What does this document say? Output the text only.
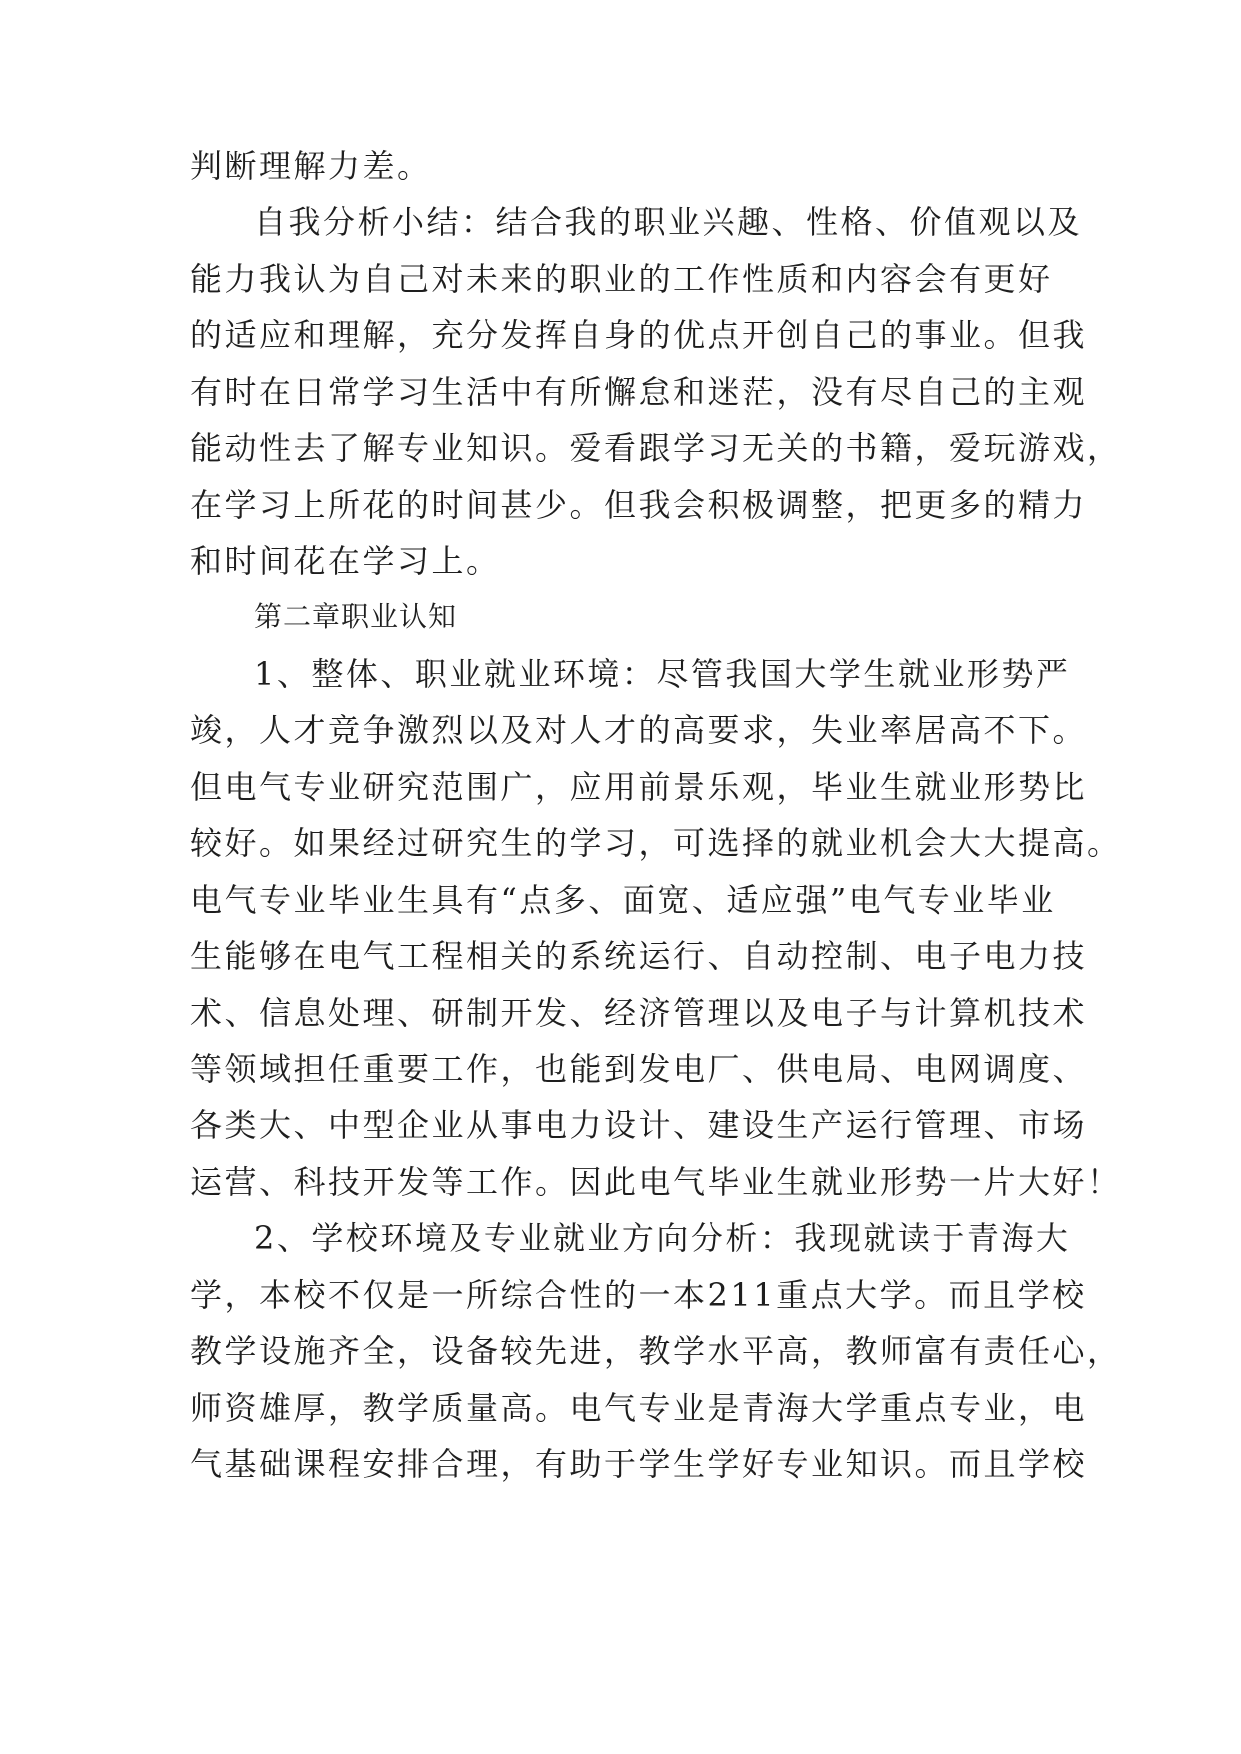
判断理解力差。
自我分析小结：结合我的职业兴趣、性格、价值观以及
能力我认为自己对未来的职业的工作性质和内容会有更好
的适应和理解，充分发挥自身的优点开创自己的事业。但我
有时在日常学习生活中有所懈怠和迷茫，没有尽自己的主观
能动性去了解专业知识。爱看跟学习无关的书籍，爱玩游戏，
在学习上所花的时间甚少。但我会积极调整，把更多的精力
和时间花在学习上。
第二章职业认知
1、整体、职业就业环境：尽管我国大学生就业形势严
竣，人才竞争激烈以及对人才的高要求，失业率居高不下。
但电气专业研究范围广，应用前景乐观，毕业生就业形势比
较好。如果经过研究生的学习，可选择的就业机会大大提高。
电气专业毕业生具有“点多、面宽、适应强”电气专业毕业
生能够在电气工程相关的系统运行、自动控制、电子电力技
术、信息处理、研制开发、经济管理以及电子与计算机技术
等领域担任重要工作，也能到发电厂、供电局、电网调度、
各类大、中型企业从事电力设计、建设生产运行管理、市场
运营、科技开发等工作。因此电气毕业生就业形势一片大好！
2、学校环境及专业就业方向分析：我现就读于青海大
学，本校不仅是一所综合性的一本211重点大学。而且学校
教学设施齐全，设备较先进，教学水平高，教师富有责任心，
师资雄厚，教学质量高。电气专业是青海大学重点专业，电
气基础课程安排合理，有助于学生学好专业知识。而且学校
